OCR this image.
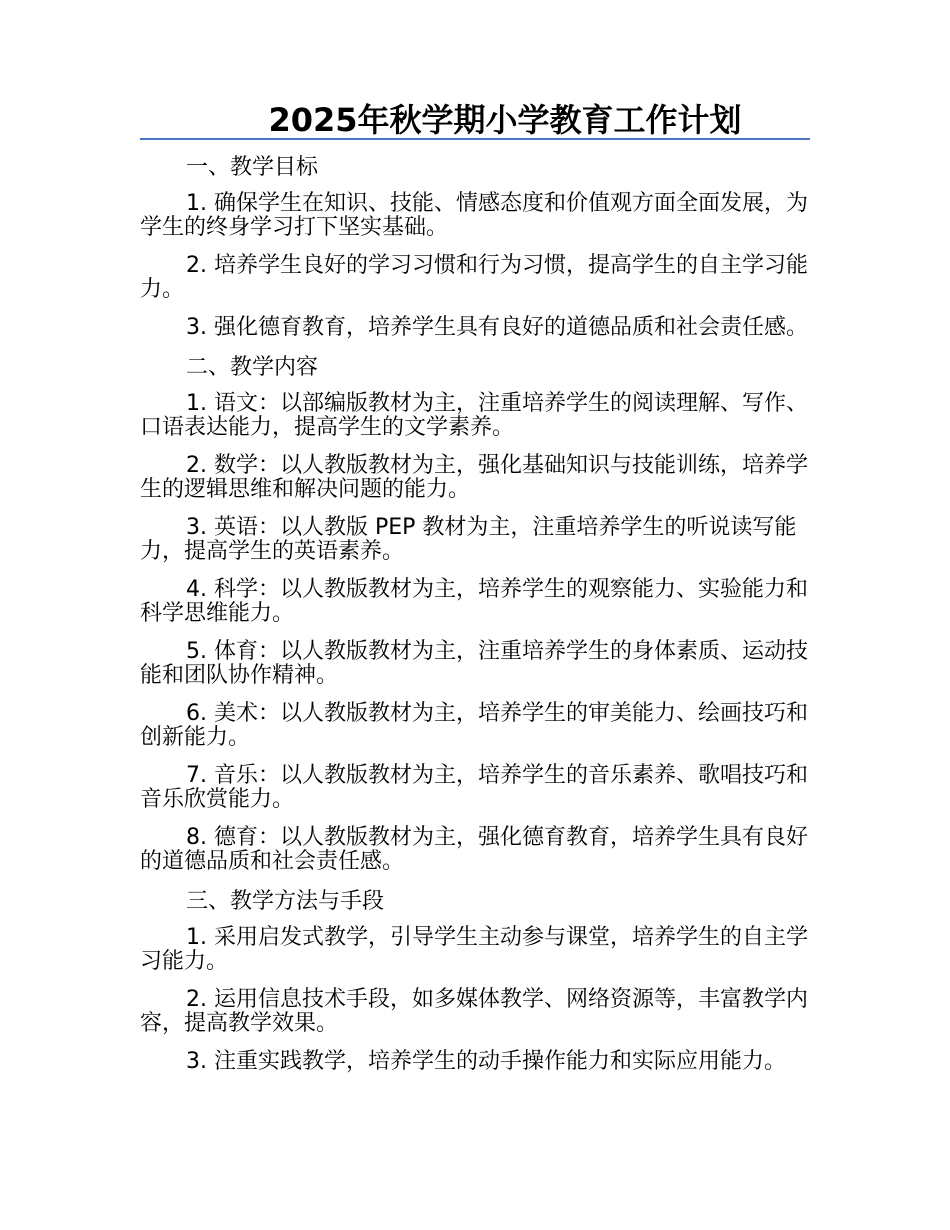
2025年秋学期小学教育工作计划

一、教学目标

1. 确保学生在知识、技能、情感态度和价值观方面全面发展，为学生的终身学习打下坚实基础。

2. 培养学生良好的学习习惯和行为习惯，提高学生的自主学习能力。

3. 强化德育教育，培养学生具有良好的道德品质和社会责任感。

二、教学内容

1. 语文：以部编版教材为主，注重培养学生的阅读理解、写作、口语表达能力，提高学生的文学素养。

2. 数学：以人教版教材为主，强化基础知识与技能训练，培养学生的逻辑思维和解决问题的能力。

3. 英语：以人教版 PEP 教材为主，注重培养学生的听说读写能力，提高学生的英语素养。

4. 科学：以人教版教材为主，培养学生的观察能力、实验能力和科学思维能力。

5. 体育：以人教版教材为主，注重培养学生的身体素质、运动技能和团队协作精神。

6. 美术：以人教版教材为主，培养学生的审美能力、绘画技巧和创新能力。

7. 音乐：以人教版教材为主，培养学生的音乐素养、歌唱技巧和音乐欣赏能力。

8. 德育：以人教版教材为主，强化德育教育，培养学生具有良好的道德品质和社会责任感。

三、教学方法与手段

1. 采用启发式教学，引导学生主动参与课堂，培养学生的自主学习能力。

2. 运用信息技术手段，如多媒体教学、网络资源等，丰富教学内容，提高教学效果。

3. 注重实践教学，培养学生的动手操作能力和实际应用能力。
